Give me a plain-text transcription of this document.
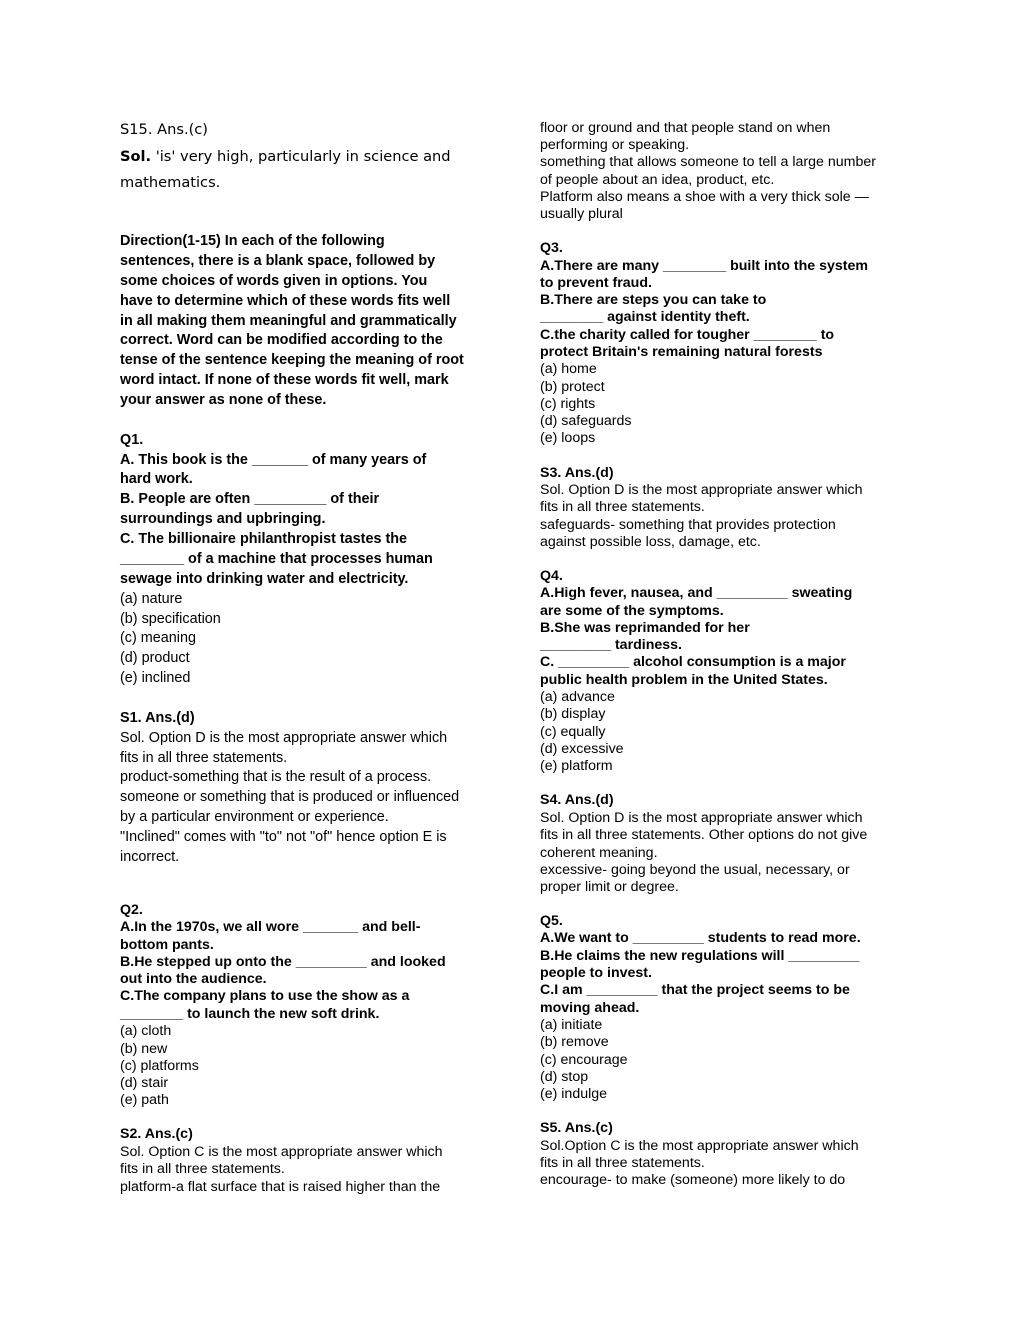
S15. Ans.(c)
Sol. 'is' very high, particularly in science and
mathematics.
Direction(1-15) In each of the following
sentences, there is a blank space, followed by
some choices of words given in options. You
have to determine which of these words fits well
in all making them meaningful and grammatically
correct. Word can be modified according to the
tense of the sentence keeping the meaning of root
word intact. If none of these words fit well, mark
your answer as none of these.
Q1.
A. This book is the _______ of many years of
hard work.
B. People are often _________ of their
surroundings and upbringing.
C. The billionaire philanthropist tastes the
________ of a machine that processes human
sewage into drinking water and electricity.
(a) nature
(b) specification
(c) meaning
(d) product
(e) inclined
S1. Ans.(d)
Sol. Option D is the most appropriate answer which
fits in all three statements.
product-something that is the result of a process.
someone or something that is produced or influenced
by a particular environment or experience.
"Inclined" comes with "to" not "of" hence option E is
incorrect.
Q2.
A.In the 1970s, we all wore _______ and bell-
bottom pants.
B.He stepped up onto the _________ and looked
out into the audience.
C.The company plans to use the show as a
________ to launch the new soft drink.
(a) cloth
(b) new
(c) platforms
(d) stair
(e) path
S2. Ans.(c)
Sol. Option C is the most appropriate answer which
fits in all three statements.
platform-a flat surface that is raised higher than the
floor or ground and that people stand on when
performing or speaking.
something that allows someone to tell a large number
of people about an idea, product, etc.
Platform also means a shoe with a very thick sole —
usually plural
Q3.
A.There are many ________ built into the system
to prevent fraud.
B.There are steps you can take to
________ against identity theft.
C.the charity called for tougher ________ to
protect Britain's remaining natural forests
(a) home
(b) protect
(c) rights
(d) safeguards
(e) loops
S3. Ans.(d)
Sol. Option D is the most appropriate answer which
fits in all three statements.
safeguards- something that provides protection
against possible loss, damage, etc.
Q4.
A.High fever, nausea, and _________ sweating
are some of the symptoms.
B.She was reprimanded for her
_________ tardiness.
C. _________ alcohol consumption is a major
public health problem in the United States.
(a) advance
(b) display
(c) equally
(d) excessive
(e) platform
S4. Ans.(d)
Sol. Option D is the most appropriate answer which
fits in all three statements. Other options do not give
coherent meaning.
excessive- going beyond the usual, necessary, or
proper limit or degree.
Q5.
A.We want to _________ students to read more.
B.He claims the new regulations will _________
people to invest.
C.I am _________ that the project seems to be
moving ahead.
(a) initiate
(b) remove
(c) encourage
(d) stop
(e) indulge
S5. Ans.(c)
Sol.Option C is the most appropriate answer which
fits in all three statements.
encourage- to make (someone) more likely to do
